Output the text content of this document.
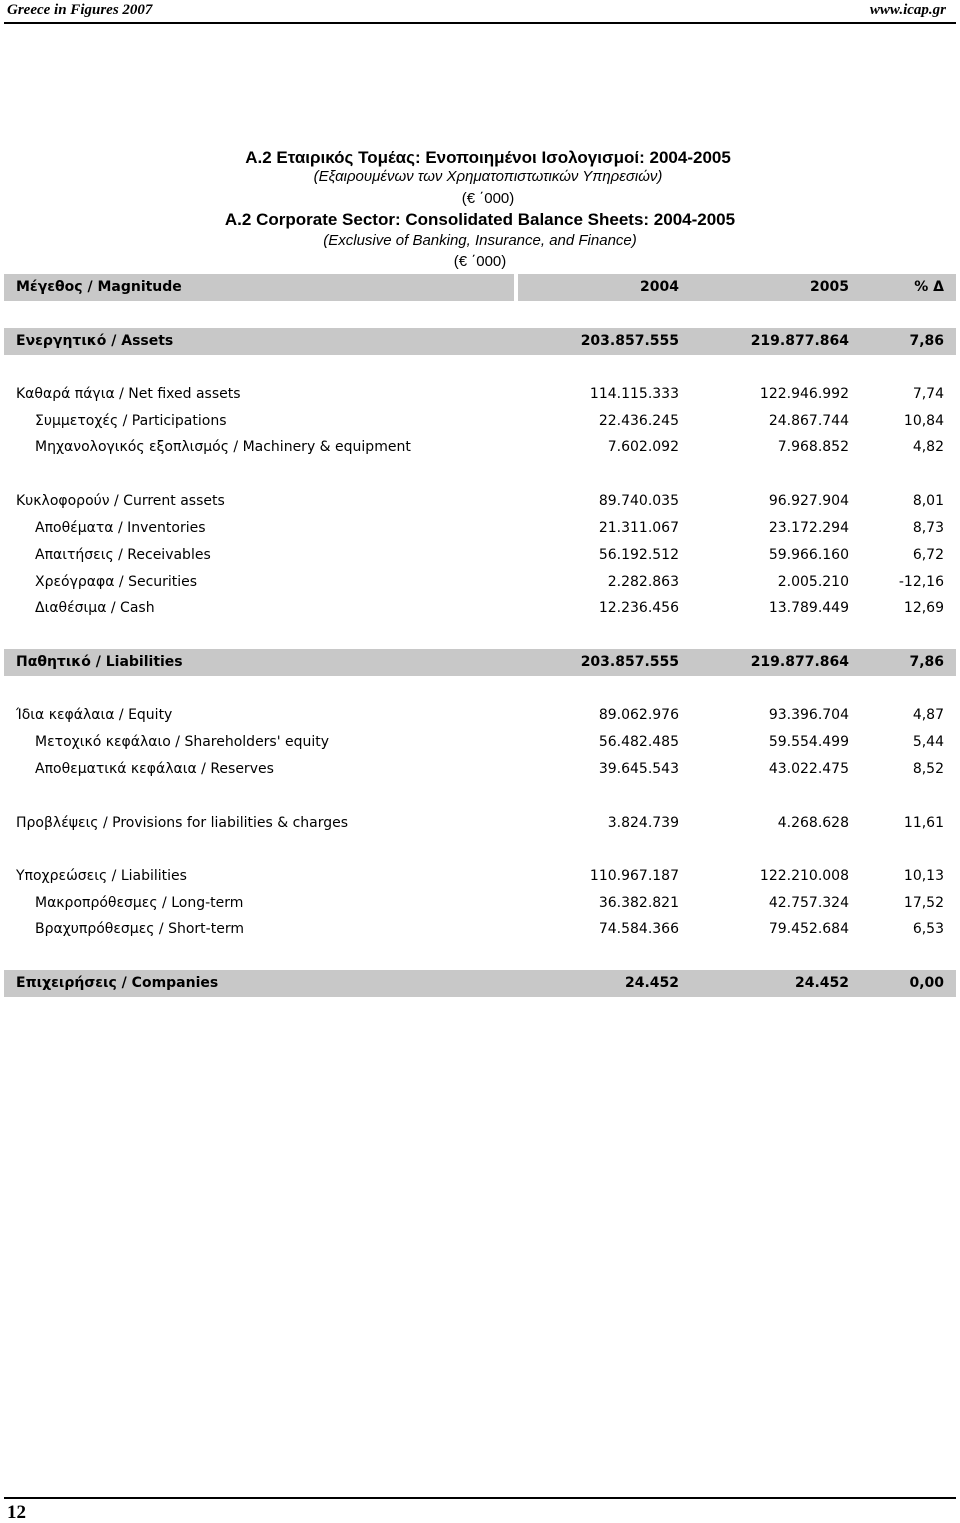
Greece in Figures 2007	www.icap.gr
A.2 Εταιρικός Τομέας: Ενοποιημένοι Ισολογισμοί: 2004-2005
(Εξαιρουμένων των Χρηματοπιστωτικών Υπηρεσιών)
(€ ΄000)
A.2 Corporate Sector: Consolidated Balance Sheets: 2004-2005
(Exclusive of Banking, Insurance, and Finance)
(€ ΄000)
Μέγεθος / Magnitude	2004	2005	% Δ
Ενεργητικό / Assets	203.857.555	219.877.864	7,86
Καθαρά πάγια / Net fixed assets	114.115.333	122.946.992	7,74
Συμμετοχές / Participations	22.436.245	24.867.744	10,84
Μηχανολογικός εξοπλισμός / Machinery & equipment	7.602.092	7.968.852	4,82
Κυκλοφορούν / Current assets	89.740.035	96.927.904	8,01
Αποθέματα / Inventories	21.311.067	23.172.294	8,73
Απαιτήσεις / Receivables	56.192.512	59.966.160	6,72
Χρεόγραφα / Securities	2.282.863	2.005.210	-12,16
Διαθέσιμα / Cash	12.236.456	13.789.449	12,69
Παθητικό / Liabilities	203.857.555	219.877.864	7,86
Ίδια κεφάλαια / Equity	89.062.976	93.396.704	4,87
Μετοχικό κεφάλαιο / Shareholders' equity	56.482.485	59.554.499	5,44
Αποθεματικά κεφάλαια / Reserves	39.645.543	43.022.475	8,52
Προβλέψεις / Provisions for liabilities & charges	3.824.739	4.268.628	11,61
Υποχρεώσεις / Liabilities	110.967.187	122.210.008	10,13
Μακροπρόθεσμες / Long-term	36.382.821	42.757.324	17,52
Βραχυπρόθεσμες / Short-term	74.584.366	79.452.684	6,53
Επιχειρήσεις / Companies	24.452	24.452	0,00
12
